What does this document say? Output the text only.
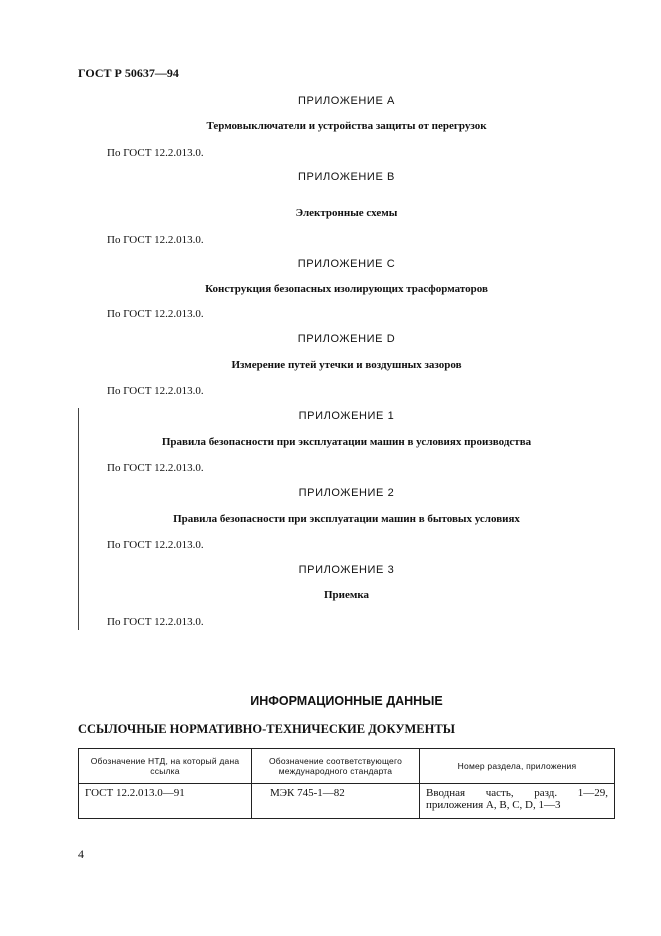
ГОСТ Р 50637—94
ПРИЛОЖЕНИЕ А
Термовыключатели и устройства защиты от перегрузок
По ГОСТ 12.2.013.0.
ПРИЛОЖЕНИЕ В
Электронные схемы
По ГОСТ 12.2.013.0.
ПРИЛОЖЕНИЕ С
Конструкция безопасных изолирующих трасформаторов
По ГОСТ 12.2.013.0.
ПРИЛОЖЕНИЕ D
Измерение путей утечки и воздушных зазоров
По ГОСТ 12.2.013.0.
ПРИЛОЖЕНИЕ 1
Правила безопасности при эксплуатации машин в условиях производства
По ГОСТ 12.2.013.0.
ПРИЛОЖЕНИЕ 2
Правила безопасности при эксплуатации машин в бытовых условиях
По ГОСТ 12.2.013.0.
ПРИЛОЖЕНИЕ 3
Приемка
По ГОСТ 12.2.013.0.
ИНФОРМАЦИОННЫЕ ДАННЫЕ
ССЫЛОЧНЫЕ НОРМАТИВНО-ТЕХНИЧЕСКИЕ ДОКУМЕНТЫ
Обозначение НТД, на который дана ссылка	Обозначение соответствующего международного стандарта	Номер раздела, приложения
ГОСТ 12.2.013.0—91	МЭК 745-1—82	Вводная часть, разд. 1—29, приложения А, В, С, D, 1—3
4
